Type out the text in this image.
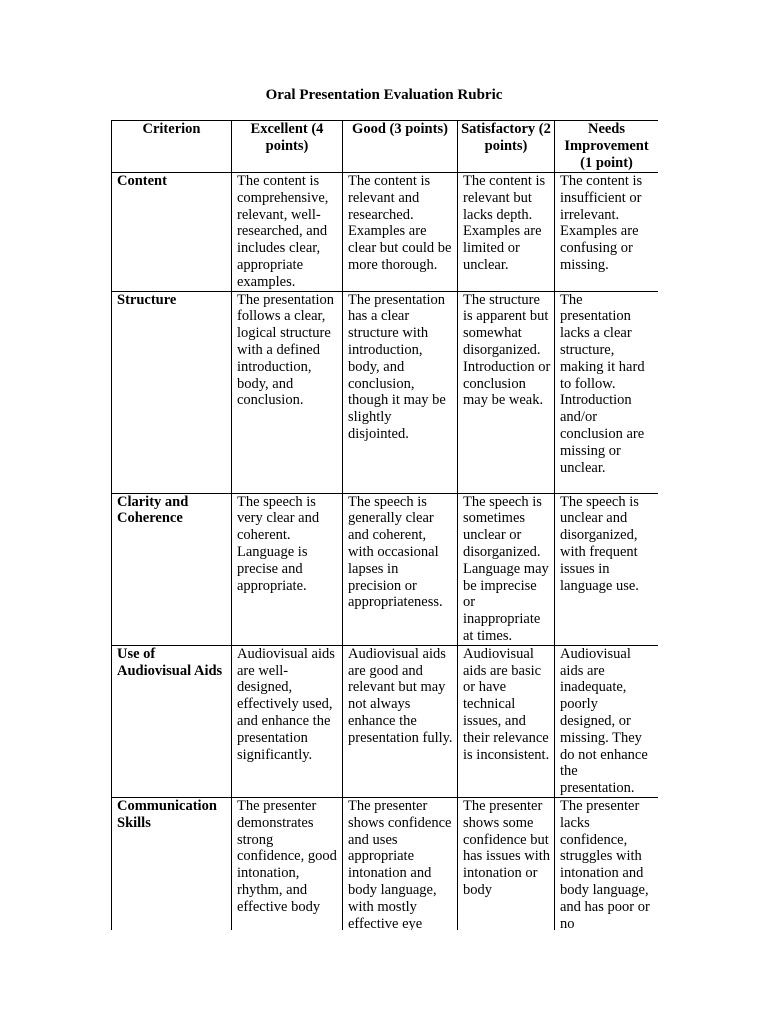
Oral Presentation Evaluation Rubric
Criterion	Excellent (4 points)	Good (3 points)	Satisfactory (2 points)	Needs Improvement (1 point)
Content	The content is comprehensive, relevant, well-researched, and includes clear, appropriate examples.	The content is relevant and researched. Examples are clear but could be more thorough.	The content is relevant but lacks depth. Examples are limited or unclear.	The content is insufficient or irrelevant. Examples are confusing or missing.
Structure	The presentation follows a clear, logical structure with a defined introduction, body, and conclusion.	The presentation has a clear structure with introduction, body, and conclusion, though it may be slightly disjointed.	The structure is apparent but somewhat disorganized. Introduction or conclusion may be weak.	The presentation lacks a clear structure, making it hard to follow. Introduction and/or conclusion are missing or unclear.
Clarity and Coherence	The speech is very clear and coherent. Language is precise and appropriate.	The speech is generally clear and coherent, with occasional lapses in precision or appropriateness.	The speech is sometimes unclear or disorganized. Language may be imprecise or inappropriate at times.	The speech is unclear and disorganized, with frequent issues in language use.
Use of Audiovisual Aids	Audiovisual aids are well-designed, effectively used, and enhance the presentation significantly.	Audiovisual aids are good and relevant but may not always enhance the presentation fully.	Audiovisual aids are basic or have technical issues, and their relevance is inconsistent.	Audiovisual aids are inadequate, poorly designed, or missing. They do not enhance the presentation.
Communication Skills	The presenter demonstrates strong confidence, good intonation, rhythm, and effective body	The presenter shows confidence and uses appropriate intonation and body language, with mostly effective eye	The presenter shows some confidence but has issues with intonation or body	The presenter lacks confidence, struggles with intonation and body language, and has poor or no
